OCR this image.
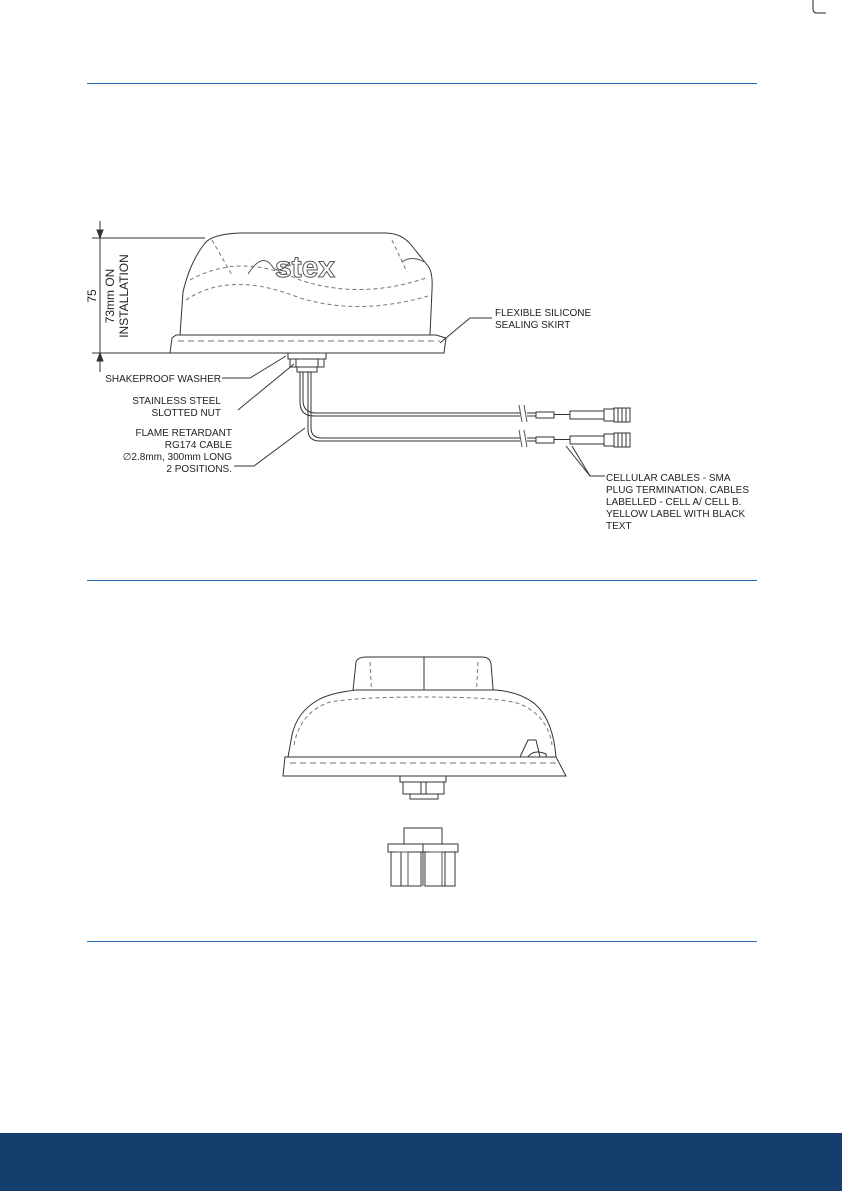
stex
75 73mm ON INSTALLATION	FLEXIBLE SILICONE
SEALING SKIRT
SHAKEPROOF WASHER
STAINLESS STEEL
SLOTTED NUT
FLAME RETARDANT
RG174 CABLE
∅2.8mm, 300mm LONG
2 POSITIONS.
CELLULAR CABLES - SMA
PLUG TERMINATION. CABLES
LABELLED - CELL A/ CELL B.
YELLOW LABEL WITH BLACK
TEXT
